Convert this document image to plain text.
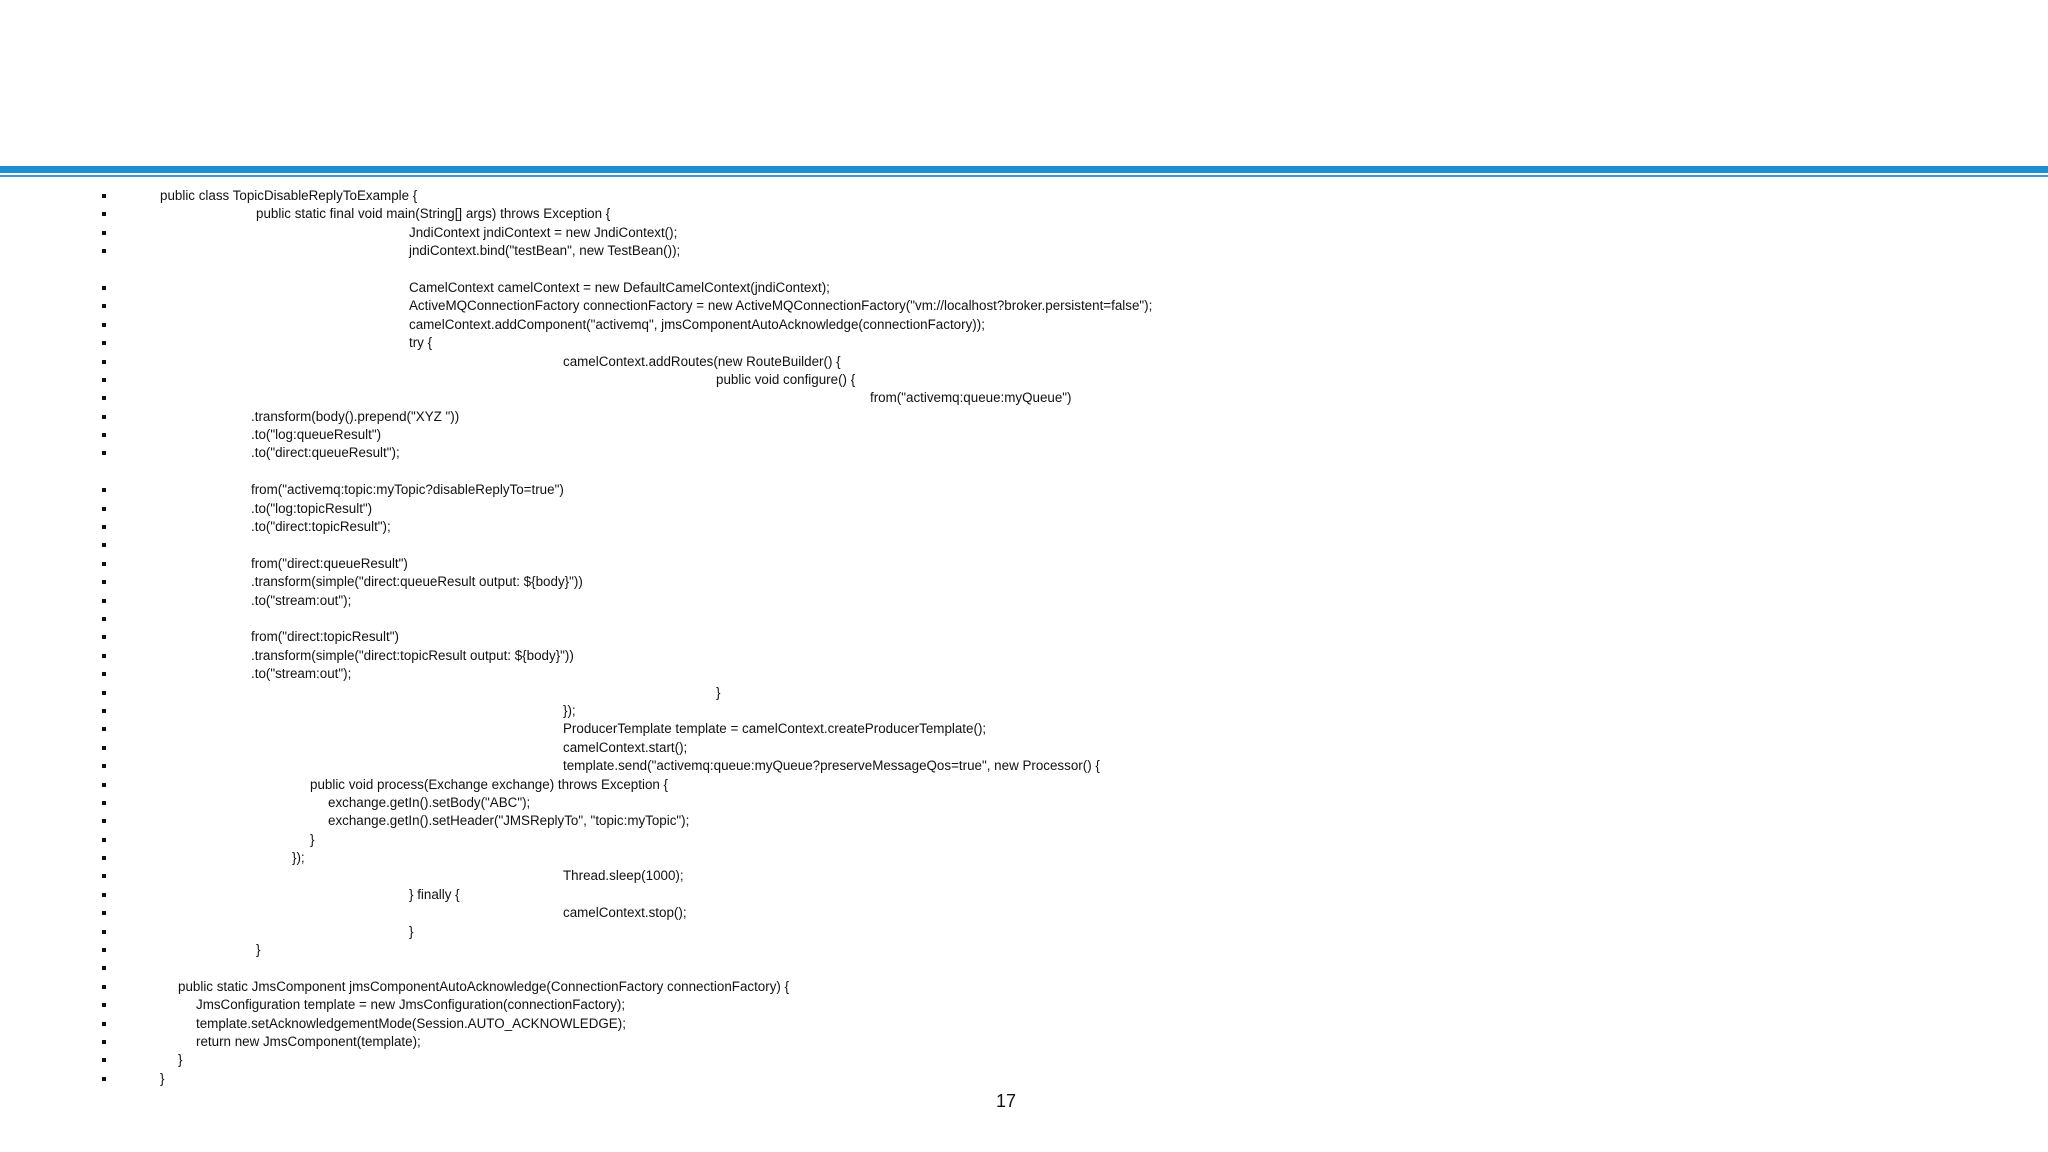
public class TopicDisableReplyToExample {
public static final void main(String[] args) throws Exception {
JndiContext jndiContext = new JndiContext();
jndiContext.bind("testBean", new TestBean());
CamelContext camelContext = new DefaultCamelContext(jndiContext);
ActiveMQConnectionFactory connectionFactory = new ActiveMQConnectionFactory("vm://localhost?broker.persistent=false");
camelContext.addComponent("activemq", jmsComponentAutoAcknowledge(connectionFactory));
try {
camelContext.addRoutes(new RouteBuilder() {
public void configure() {
from("activemq:queue:myQueue")
.transform(body().prepend("XYZ "))
.to("log:queueResult")
.to("direct:queueResult");
from("activemq:topic:myTopic?disableReplyTo=true")
.to("log:topicResult")
.to("direct:topicResult");
from("direct:queueResult")
.transform(simple("direct:queueResult output: ${body}"))
.to("stream:out");
from("direct:topicResult")
.transform(simple("direct:topicResult output: ${body}"))
.to("stream:out");
}
});
ProducerTemplate template = camelContext.createProducerTemplate();
camelContext.start();
template.send("activemq:queue:myQueue?preserveMessageQos=true", new Processor() {
public void process(Exchange exchange) throws Exception {
exchange.getIn().setBody("ABC");
exchange.getIn().setHeader("JMSReplyTo", "topic:myTopic");
}
});
Thread.sleep(1000);
} finally {
camelContext.stop();
}
}
public static JmsComponent jmsComponentAutoAcknowledge(ConnectionFactory connectionFactory) {
JmsConfiguration template = new JmsConfiguration(connectionFactory);
template.setAcknowledgementMode(Session.AUTO_ACKNOWLEDGE);
return new JmsComponent(template);
}
}
17
